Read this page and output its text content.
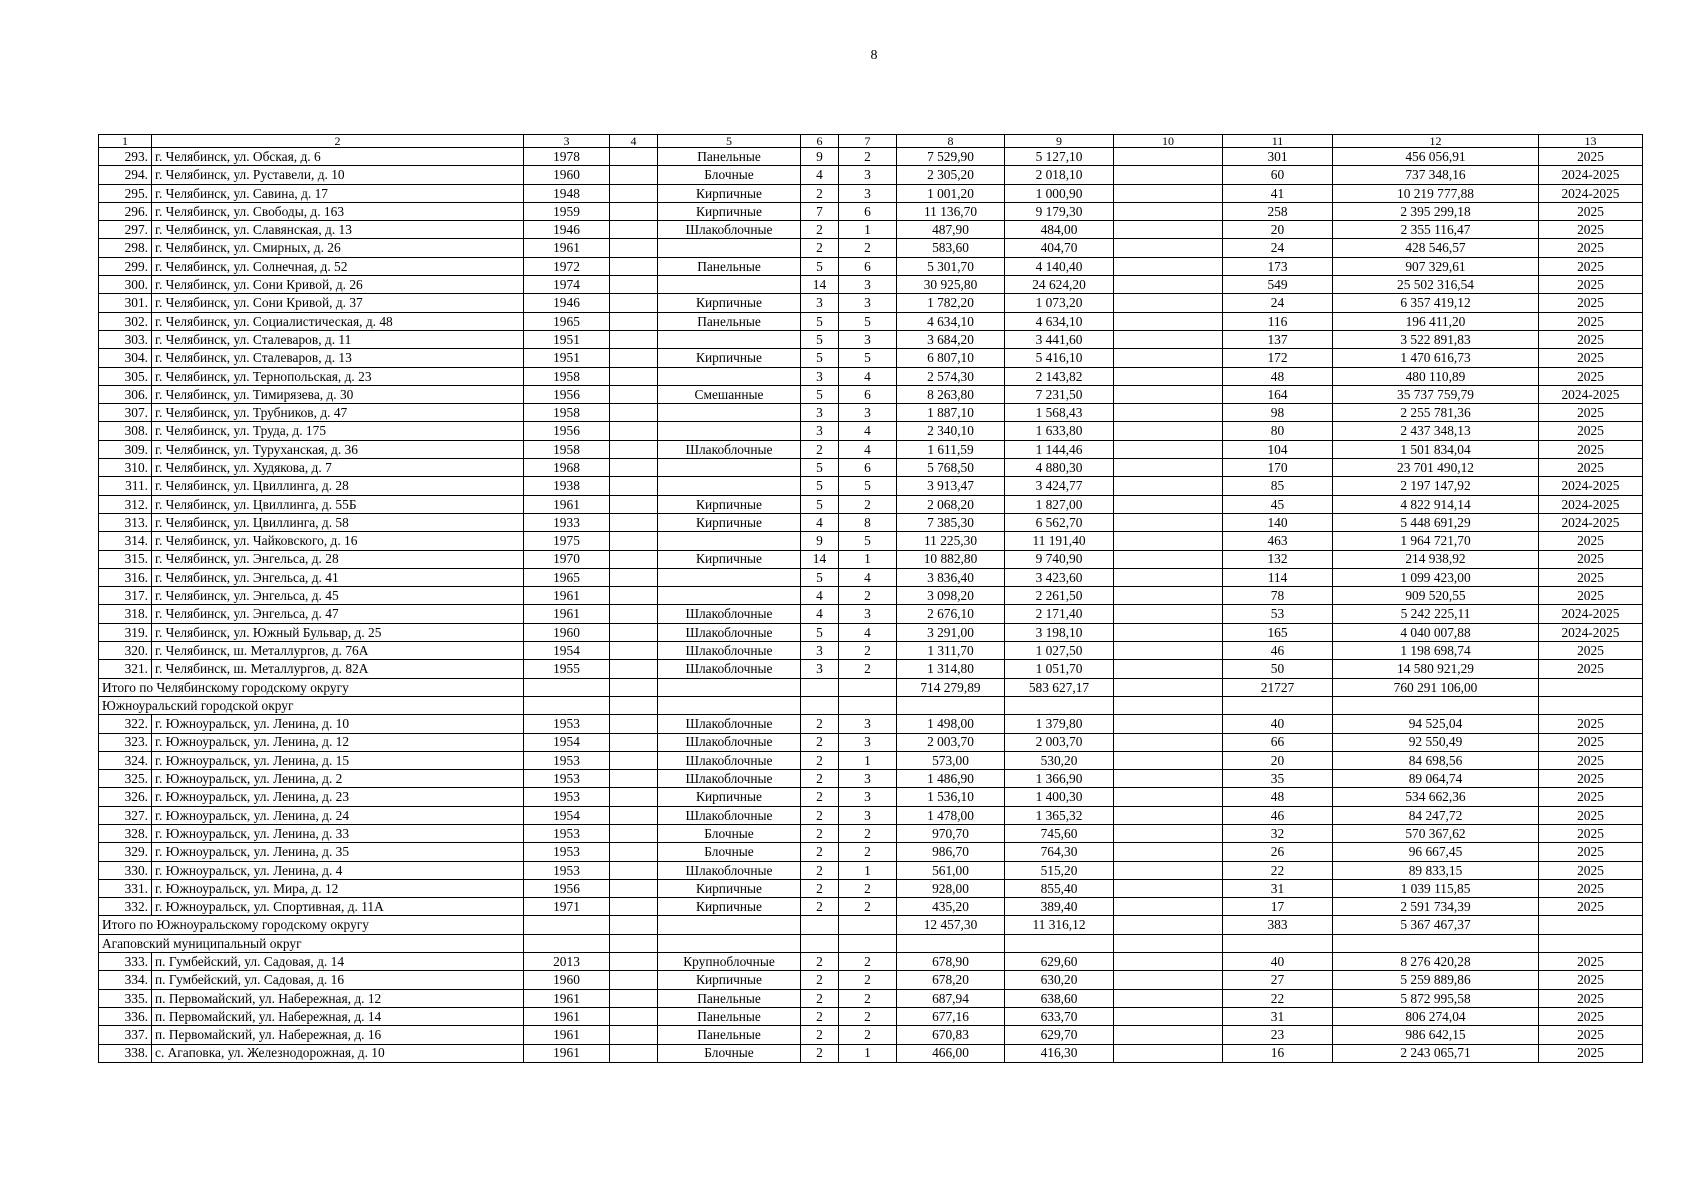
8
1	2	3	4	5	6	7	8	9	10	11	12	13
293.	г. Челябинск, ул. Обская, д. 6	1978		Панельные	9	2	7 529,90	5 127,10		301	456 056,91	2025
294.	г. Челябинск, ул. Руставели, д. 10	1960		Блочные	4	3	2 305,20	2 018,10		60	737 348,16	2024-2025
295.	г. Челябинск, ул. Савина, д. 17	1948		Кирпичные	2	3	1 001,20	1 000,90		41	10 219 777,88	2024-2025
296.	г. Челябинск, ул. Свободы, д. 163	1959		Кирпичные	7	6	11 136,70	9 179,30		258	2 395 299,18	2025
297.	г. Челябинск, ул. Славянская, д. 13	1946		Шлакоблочные	2	1	487,90	484,00		20	2 355 116,47	2025
298.	г. Челябинск, ул. Смирных, д. 26	1961			2	2	583,60	404,70		24	428 546,57	2025
299.	г. Челябинск, ул. Солнечная, д. 52	1972		Панельные	5	6	5 301,70	4 140,40		173	907 329,61	2025
300.	г. Челябинск, ул. Сони Кривой, д. 26	1974			14	3	30 925,80	24 624,20		549	25 502 316,54	2025
301.	г. Челябинск, ул. Сони Кривой, д. 37	1946		Кирпичные	3	3	1 782,20	1 073,20		24	6 357 419,12	2025
302.	г. Челябинск, ул. Социалистическая, д. 48	1965		Панельные	5	5	4 634,10	4 634,10		116	196 411,20	2025
303.	г. Челябинск, ул. Сталеваров, д. 11	1951			5	3	3 684,20	3 441,60		137	3 522 891,83	2025
304.	г. Челябинск, ул. Сталеваров, д. 13	1951		Кирпичные	5	5	6 807,10	5 416,10		172	1 470 616,73	2025
305.	г. Челябинск, ул. Тернопольская, д. 23	1958			3	4	2 574,30	2 143,82		48	480 110,89	2025
306.	г. Челябинск, ул. Тимирязева, д. 30	1956		Смешанные	5	6	8 263,80	7 231,50		164	35 737 759,79	2024-2025
307.	г. Челябинск, ул. Трубников, д. 47	1958			3	3	1 887,10	1 568,43		98	2 255 781,36	2025
308.	г. Челябинск, ул. Труда, д. 175	1956			3	4	2 340,10	1 633,80		80	2 437 348,13	2025
309.	г. Челябинск, ул. Туруханская, д. 36	1958		Шлакоблочные	2	4	1 611,59	1 144,46		104	1 501 834,04	2025
310.	г. Челябинск, ул. Худякова, д. 7	1968			5	6	5 768,50	4 880,30		170	23 701 490,12	2025
311.	г. Челябинск, ул. Цвиллинга, д. 28	1938			5	5	3 913,47	3 424,77		85	2 197 147,92	2024-2025
312.	г. Челябинск, ул. Цвиллинга, д. 55Б	1961		Кирпичные	5	2	2 068,20	1 827,00		45	4 822 914,14	2024-2025
313.	г. Челябинск, ул. Цвиллинга, д. 58	1933		Кирпичные	4	8	7 385,30	6 562,70		140	5 448 691,29	2024-2025
314.	г. Челябинск, ул. Чайковского, д. 16	1975			9	5	11 225,30	11 191,40		463	1 964 721,70	2025
315.	г. Челябинск, ул. Энгельса, д. 28	1970		Кирпичные	14	1	10 882,80	9 740,90		132	214 938,92	2025
316.	г. Челябинск, ул. Энгельса, д. 41	1965			5	4	3 836,40	3 423,60		114	1 099 423,00	2025
317.	г. Челябинск, ул. Энгельса, д. 45	1961			4	2	3 098,20	2 261,50		78	909 520,55	2025
318.	г. Челябинск, ул. Энгельса, д. 47	1961		Шлакоблочные	4	3	2 676,10	2 171,40		53	5 242 225,11	2024-2025
319.	г. Челябинск, ул. Южный Бульвар, д. 25	1960		Шлакоблочные	5	4	3 291,00	3 198,10		165	4 040 007,88	2024-2025
320.	г. Челябинск, ш. Металлургов, д. 76А	1954		Шлакоблочные	3	2	1 311,70	1 027,50		46	1 198 698,74	2025
321.	г. Челябинск, ш. Металлургов, д. 82А	1955		Шлакоблочные	3	2	1 314,80	1 051,70		50	14 580 921,29	2025
Итого по Челябинскому городскому округу							714 279,89	583 627,17		21727	760 291 106,00	
Южноуральский городской округ												
322.	г. Южноуральск, ул. Ленина, д. 10	1953		Шлакоблочные	2	3	1 498,00	1 379,80		40	94 525,04	2025
323.	г. Южноуральск, ул. Ленина, д. 12	1954		Шлакоблочные	2	3	2 003,70	2 003,70		66	92 550,49	2025
324.	г. Южноуральск, ул. Ленина, д. 15	1953		Шлакоблочные	2	1	573,00	530,20		20	84 698,56	2025
325.	г. Южноуральск, ул. Ленина, д. 2	1953		Шлакоблочные	2	3	1 486,90	1 366,90		35	89 064,74	2025
326.	г. Южноуральск, ул. Ленина, д. 23	1953		Кирпичные	2	3	1 536,10	1 400,30		48	534 662,36	2025
327.	г. Южноуральск, ул. Ленина, д. 24	1954		Шлакоблочные	2	3	1 478,00	1 365,32		46	84 247,72	2025
328.	г. Южноуральск, ул. Ленина, д. 33	1953		Блочные	2	2	970,70	745,60		32	570 367,62	2025
329.	г. Южноуральск, ул. Ленина, д. 35	1953		Блочные	2	2	986,70	764,30		26	96 667,45	2025
330.	г. Южноуральск, ул. Ленина, д. 4	1953		Шлакоблочные	2	1	561,00	515,20		22	89 833,15	2025
331.	г. Южноуральск, ул. Мира, д. 12	1956		Кирпичные	2	2	928,00	855,40		31	1 039 115,85	2025
332.	г. Южноуральск, ул. Спортивная, д. 11А	1971		Кирпичные	2	2	435,20	389,40		17	2 591 734,39	2025
Итого по Южноуральскому городскому округу							12 457,30	11 316,12		383	5 367 467,37	
Агаповский муниципальный округ												
333.	п. Гумбейский, ул. Садовая, д. 14	2013		Крупноблочные	2	2	678,90	629,60		40	8 276 420,28	2025
334.	п. Гумбейский, ул. Садовая, д. 16	1960		Кирпичные	2	2	678,20	630,20		27	5 259 889,86	2025
335.	п. Первомайский, ул. Набережная, д. 12	1961		Панельные	2	2	687,94	638,60		22	5 872 995,58	2025
336.	п. Первомайский, ул. Набережная, д. 14	1961		Панельные	2	2	677,16	633,70		31	806 274,04	2025
337.	п. Первомайский, ул. Набережная, д. 16	1961		Панельные	2	2	670,83	629,70		23	986 642,15	2025
338.	с. Агаповка, ул. Железнодорожная, д. 10	1961		Блочные	2	1	466,00	416,30		16	2 243 065,71	2025
